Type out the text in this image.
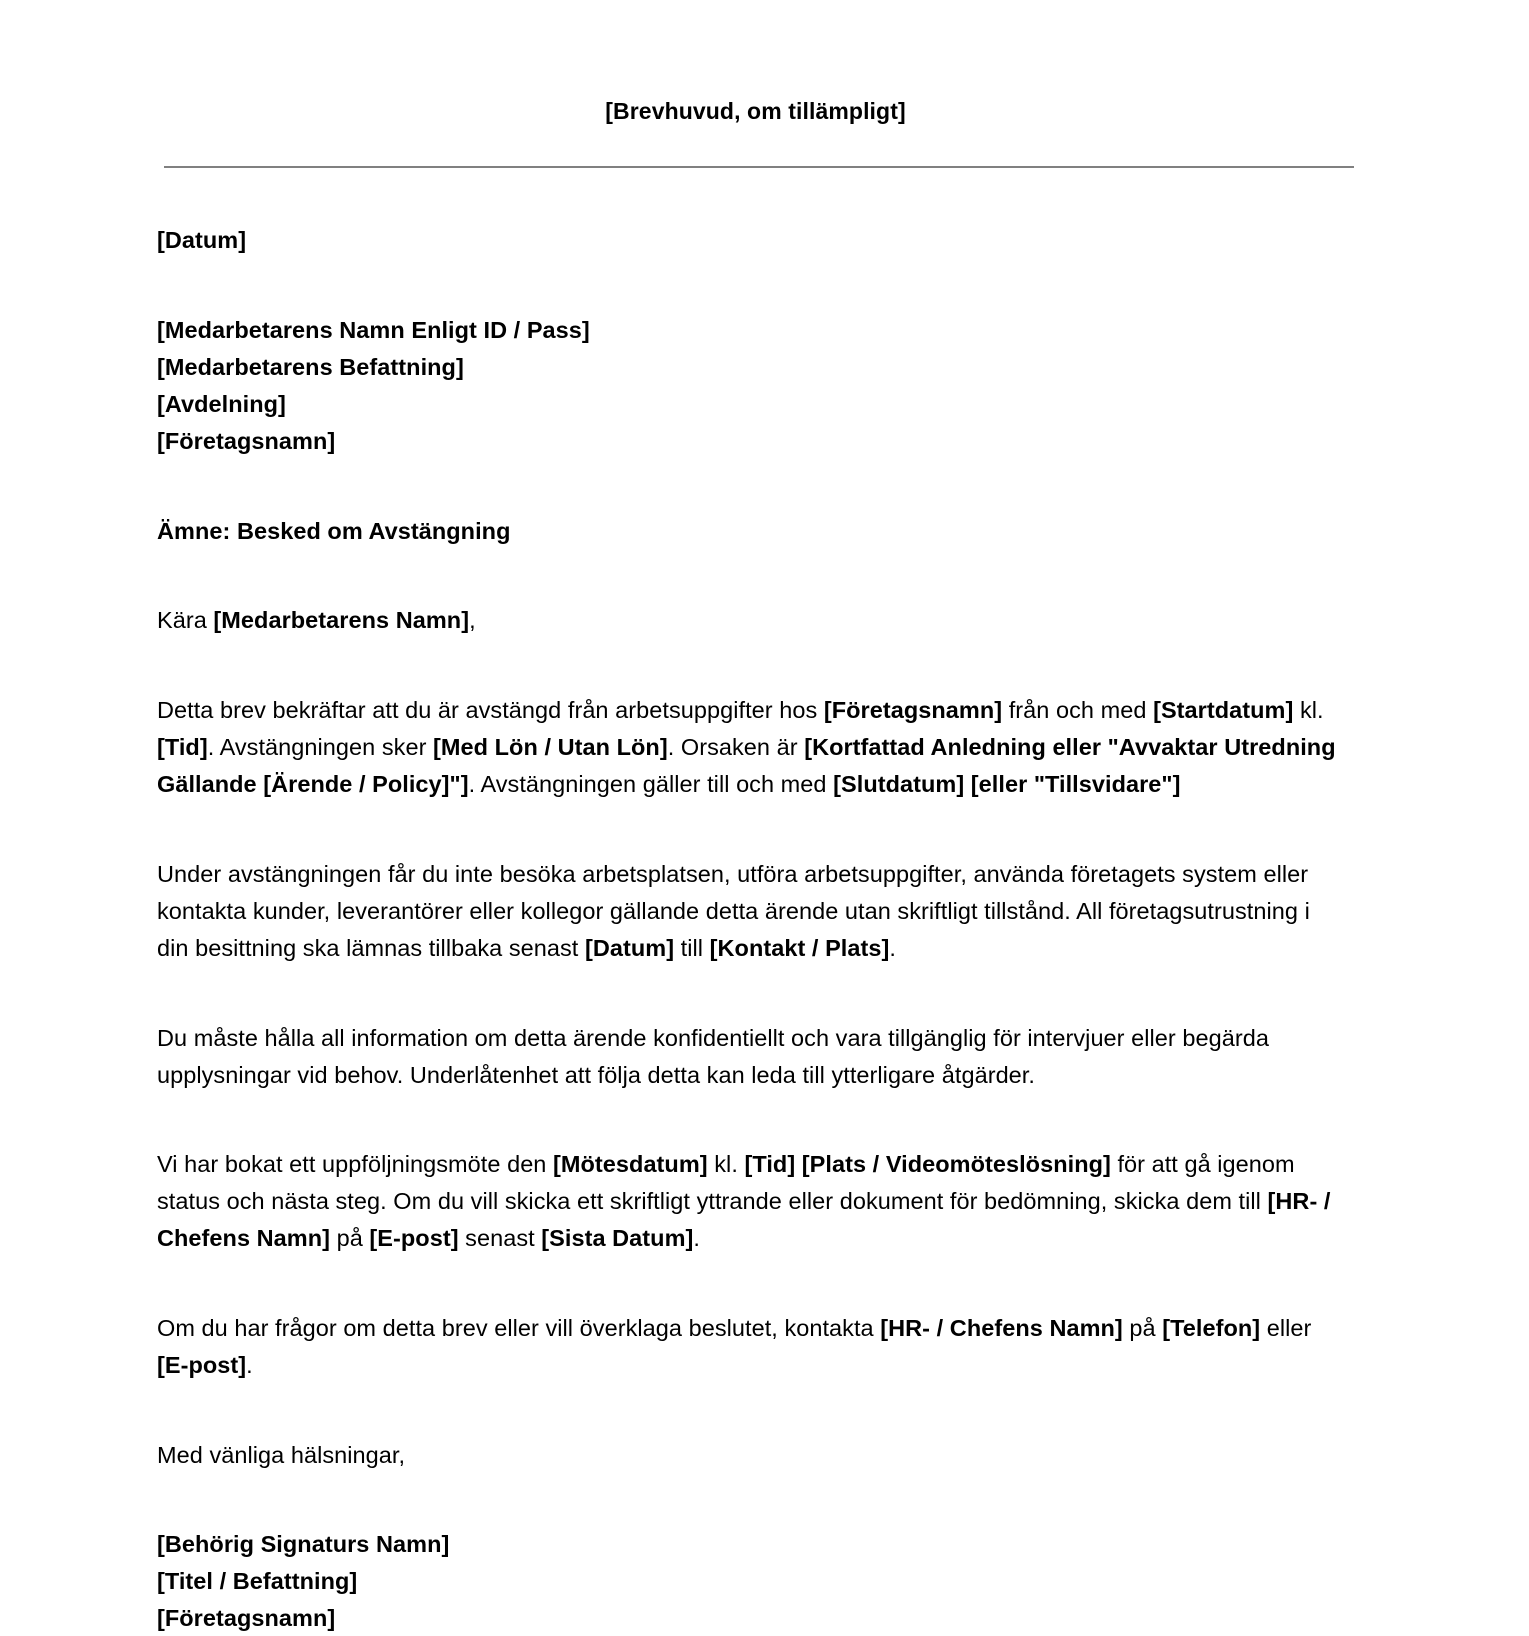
[Brevhuvud, om tillämpligt]
[Datum]
[Medarbetarens Namn Enligt ID / Pass]
[Medarbetarens Befattning]
[Avdelning]
[Företagsnamn]
Ämne: Besked om Avstängning

Kära [Medarbetarens Namn],

Detta brev bekräftar att du är avstängd från arbetsuppgifter hos [Företagsnamn] från och med [Startdatum] kl. [Tid]. Avstängningen sker [Med Lön / Utan Lön]. Orsaken är [Kortfattad Anledning eller "Avvaktar Utredning Gällande [Ärende / Policy]"]. Avstängningen gäller till och med [Slutdatum] [eller "Tillsvidare"]

Under avstängningen får du inte besöka arbetsplatsen, utföra arbetsuppgifter, använda företagets system eller kontakta kunder, leverantörer eller kollegor gällande detta ärende utan skriftligt tillstånd. All företagsutrustning i din besittning ska lämnas tillbaka senast [Datum] till [Kontakt / Plats].

Du måste hålla all information om detta ärende konfidentiellt och vara tillgänglig för intervjuer eller begärda upplysningar vid behov. Underlåtenhet att följa detta kan leda till ytterligare åtgärder.

Vi har bokat ett uppföljningsmöte den [Mötesdatum] kl. [Tid] [Plats / Videomöteslösning] för att gå igenom status och nästa steg. Om du vill skicka ett skriftligt yttrande eller dokument för bedömning, skicka dem till [HR- / Chefens Namn] på [E-post] senast [Sista Datum].

Om du har frågor om detta brev eller vill överklaga beslutet, kontakta [HR- / Chefens Namn] på [Telefon] eller [E-post].

Med vänliga hälsningar,

[Behörig Signaturs Namn]
[Titel / Befattning]
[Företagsnamn]
